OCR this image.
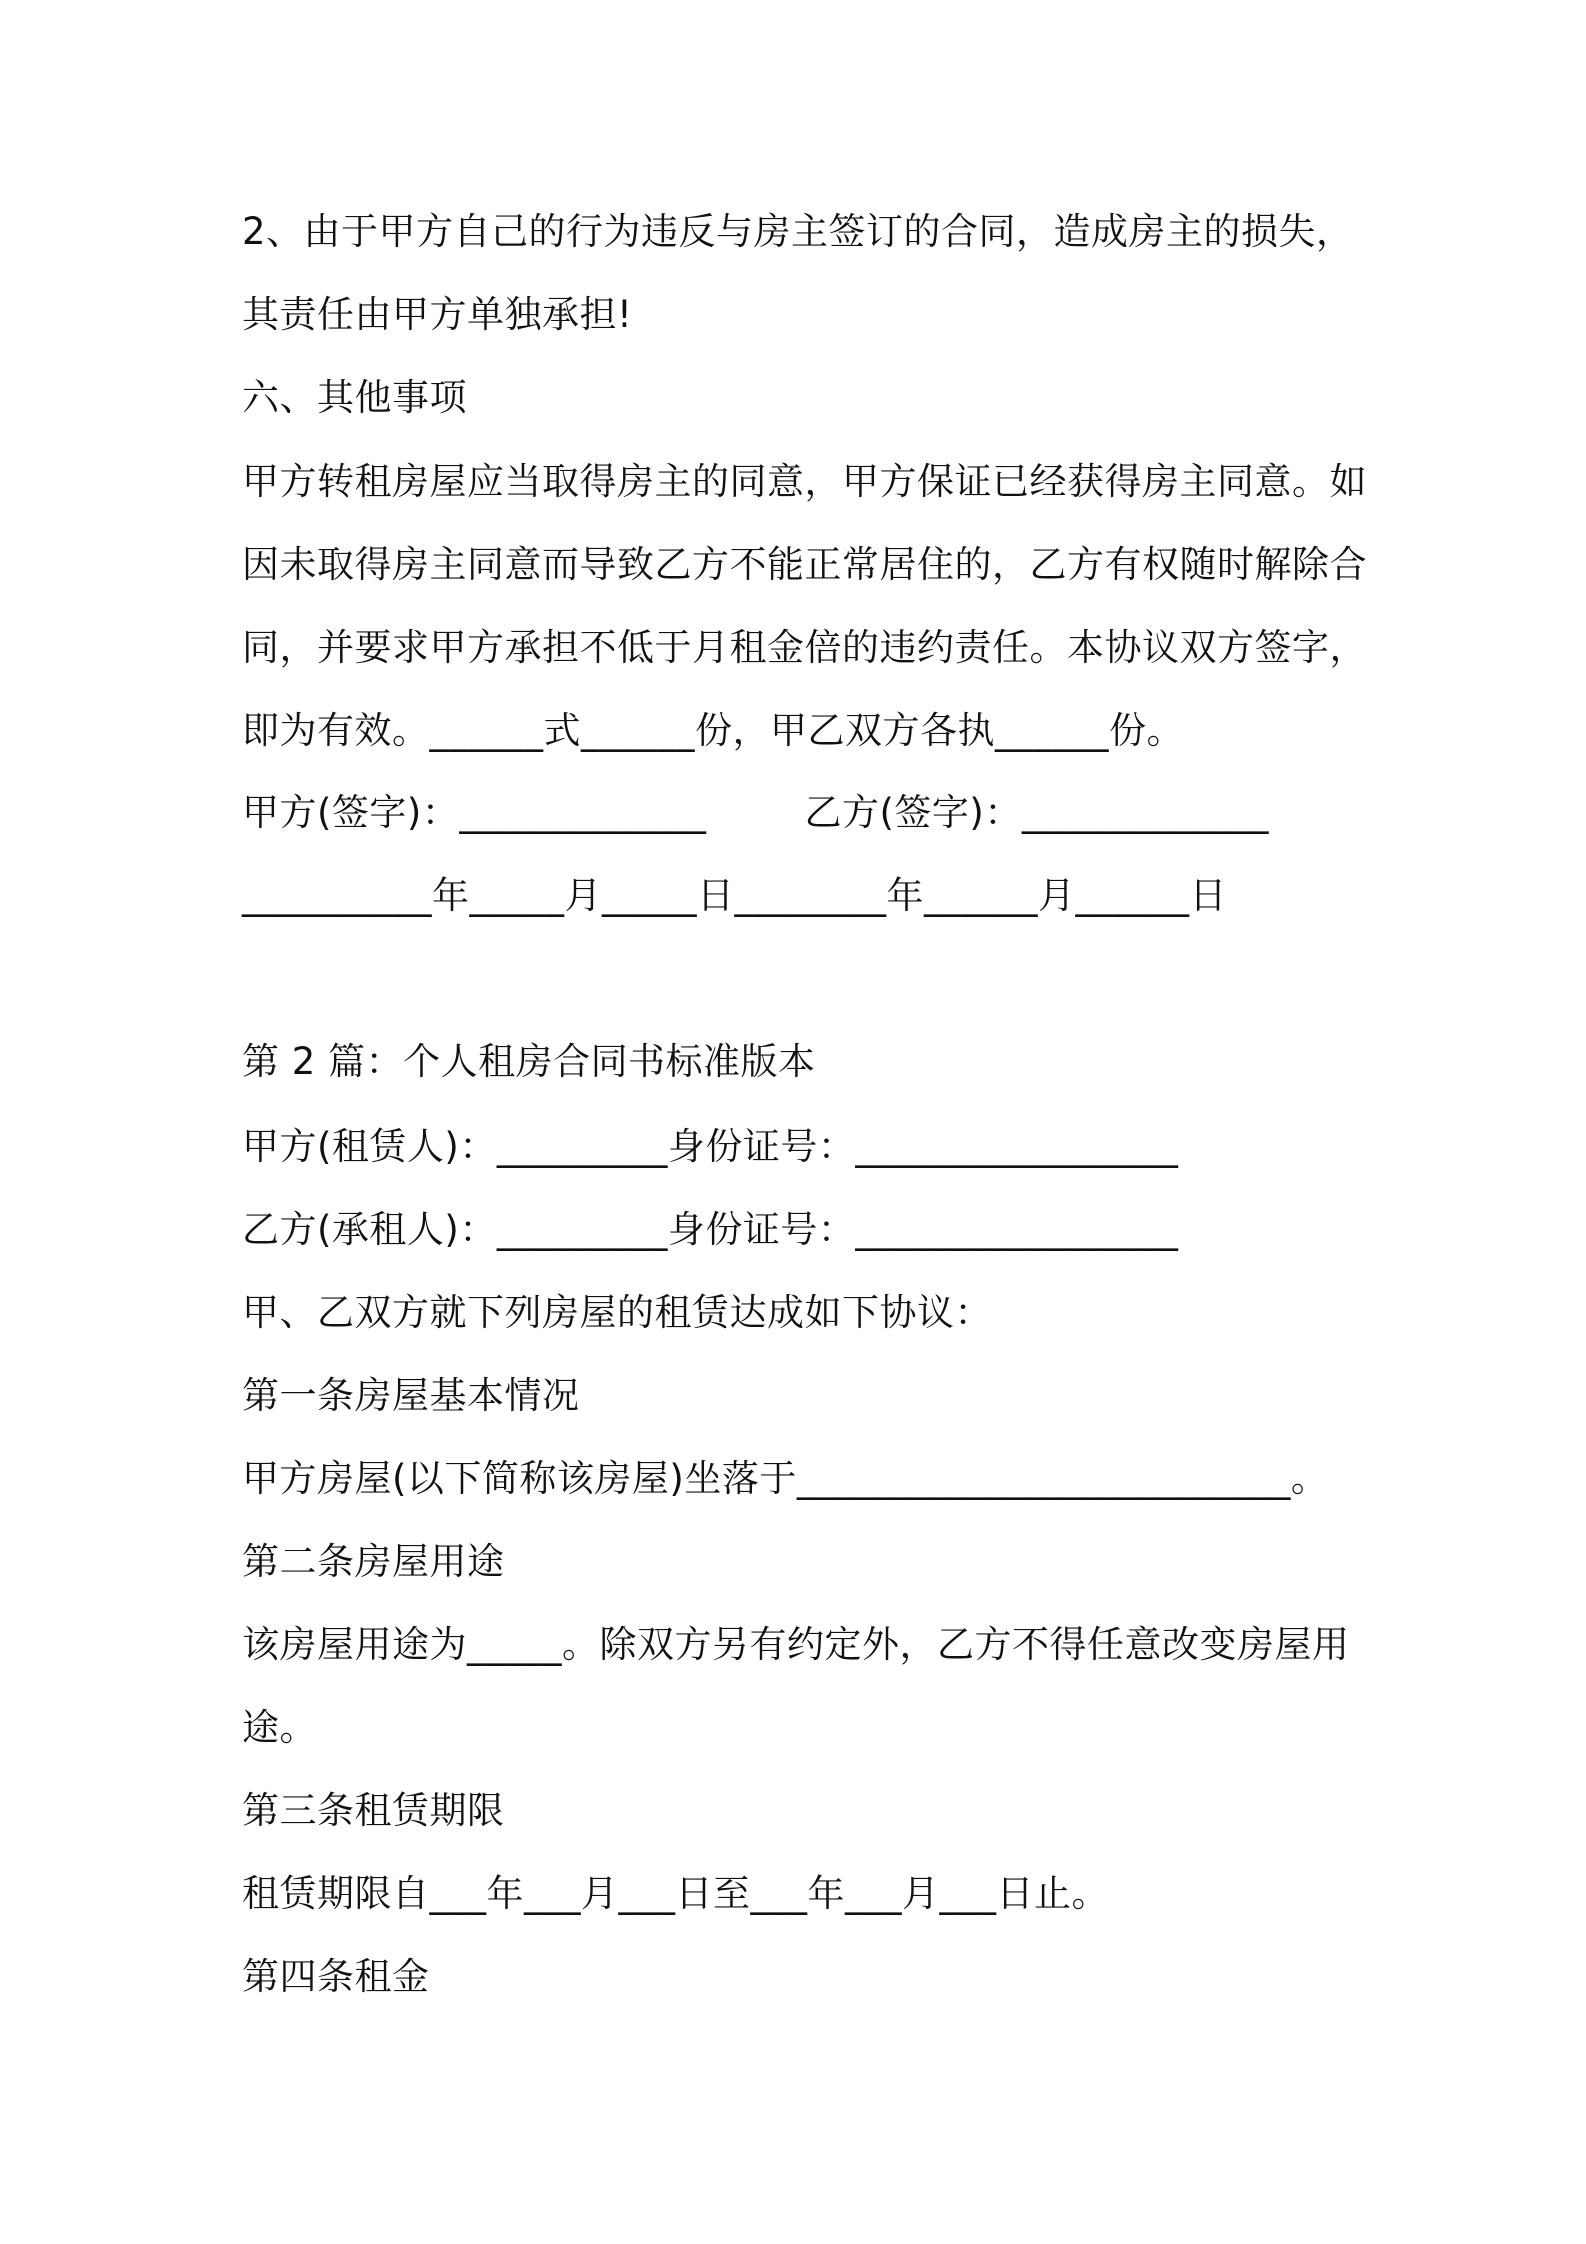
2、由于甲方自己的行为违反与房主签订的合同，造成房主的损失，
其责任由甲方单独承担!
六、其他事项
甲方转租房屋应当取得房主的同意，甲方保证已经获得房主同意。如
因未取得房主同意而导致乙方不能正常居住的，乙方有权随时解除合
同，并要求甲方承担不低于月租金倍的违约责任。本协议双方签字，
即为有效。______式______份，甲乙双方各执______份。
甲方(签字)：_____________        乙方(签字)：_____________
__________年_____月_____日________年______月______日
第 2 篇：个人租房合同书标准版本
甲方(租赁人)：_________身份证号：_________________
乙方(承租人)：_________身份证号：_________________
甲、乙双方就下列房屋的租赁达成如下协议：
第一条房屋基本情况
甲方房屋(以下简称该房屋)坐落于__________________________。
第二条房屋用途
该房屋用途为_____。除双方另有约定外，乙方不得任意改变房屋用
途。
第三条租赁期限
租赁期限自___年___月___日至___年___月___日止。
第四条租金
